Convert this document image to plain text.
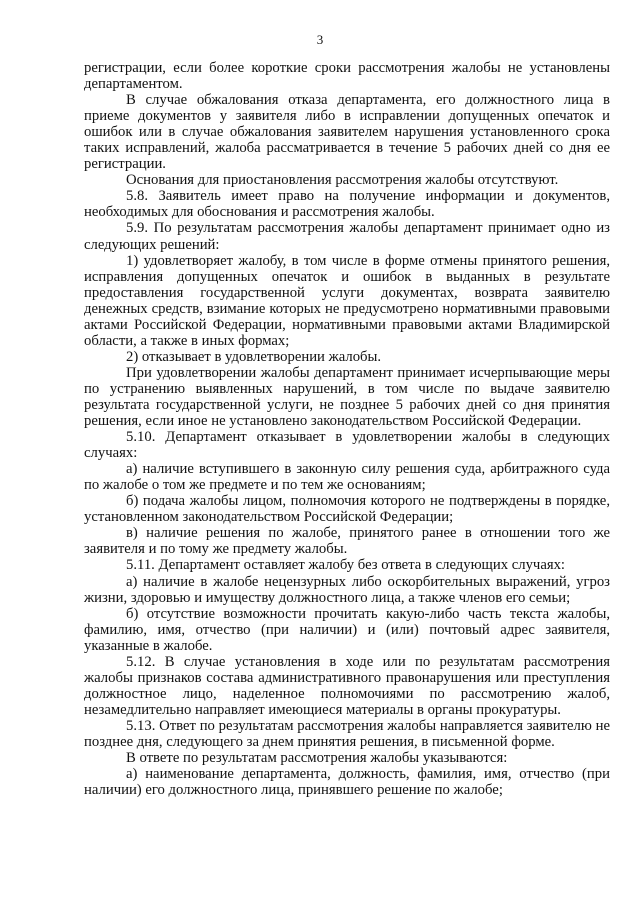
3

регистрации, если более короткие сроки рассмотрения жалобы не установлены департаментом.

В случае обжалования отказа департамента, его должностного лица в приеме документов у заявителя либо в исправлении допущенных опечаток и ошибок или в случае обжалования заявителем нарушения установленного срока таких исправлений, жалоба рассматривается в течение 5 рабочих дней со дня ее регистрации.

Основания для приостановления рассмотрения жалобы отсутствуют.

5.8. Заявитель имеет право на получение информации и документов, необходимых для обоснования и рассмотрения жалобы.

5.9. По результатам рассмотрения жалобы департамент принимает одно из следующих решений:

1) удовлетворяет жалобу, в том числе в форме отмены принятого решения, исправления допущенных опечаток и ошибок в выданных в результате предоставления государственной услуги документах, возврата заявителю денежных средств, взимание которых не предусмотрено нормативными правовыми актами Российской Федерации, нормативными правовыми актами Владимирской области, а также в иных формах;

2) отказывает в удовлетворении жалобы.

При удовлетворении жалобы департамент принимает исчерпывающие меры по устранению выявленных нарушений, в том числе по выдаче заявителю результата государственной услуги, не позднее 5 рабочих дней со дня принятия решения, если иное не установлено законодательством Российской Федерации.

5.10. Департамент отказывает в удовлетворении жалобы в следующих случаях:

а) наличие вступившего в законную силу решения суда, арбитражного суда по жалобе о том же предмете и по тем же основаниям;

б) подача жалобы лицом, полномочия которого не подтверждены в порядке, установленном законодательством Российской Федерации;

в) наличие решения по жалобе, принятого ранее в отношении того же заявителя и по тому же предмету жалобы.

5.11. Департамент оставляет жалобу без ответа в следующих случаях:

а) наличие в жалобе нецензурных либо оскорбительных выражений, угроз жизни, здоровью и имуществу должностного лица, а также членов его семьи;

б) отсутствие возможности прочитать какую-либо часть текста жалобы, фамилию, имя, отчество (при наличии) и (или) почтовый адрес заявителя, указанные в жалобе.

5.12. В случае установления в ходе или по результатам рассмотрения жалобы признаков состава административного правонарушения или преступления должностное лицо, наделенное полномочиями по рассмотрению жалоб, незамедлительно направляет имеющиеся материалы в органы прокуратуры.

5.13. Ответ по результатам рассмотрения жалобы направляется заявителю не позднее дня, следующего за днем принятия решения, в письменной форме.

В ответе по результатам рассмотрения жалобы указываются:

а) наименование департамента, должность, фамилия, имя, отчество (при наличии) его должностного лица, принявшего решение по жалобе;
